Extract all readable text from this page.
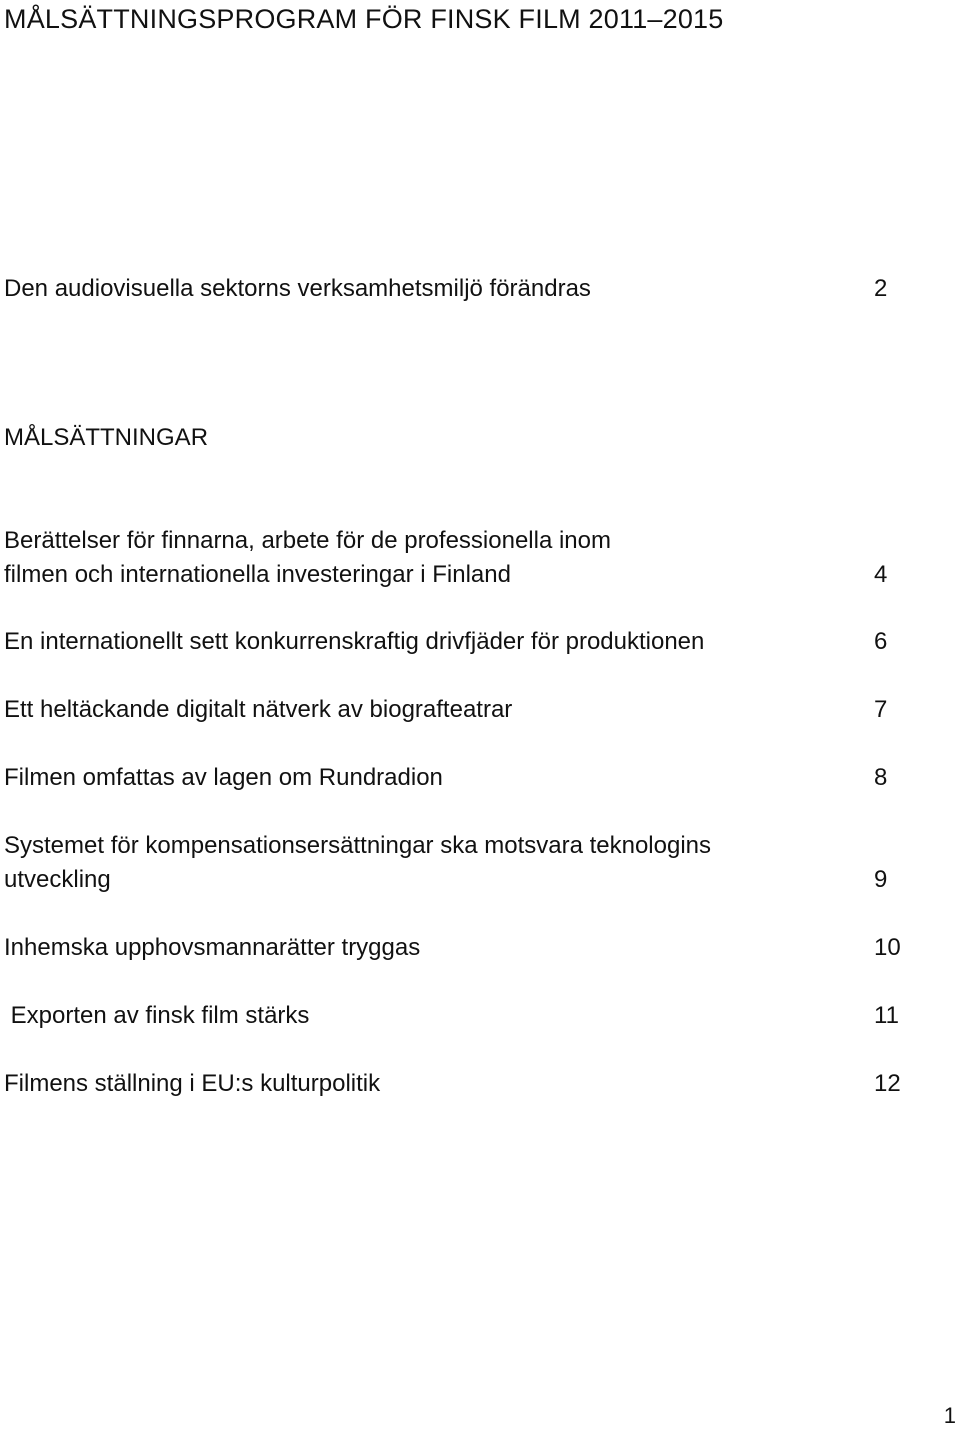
MÅLSÄTTNINGSPROGRAM FÖR FINSK FILM 2011–2015
Den audiovisuella sektorns verksamhetsmiljö förändras	2
MÅLSÄTTNINGAR
Berättelser för finnarna, arbete för de professionella inom
filmen och internationella investeringar i Finland	4
En internationellt sett konkurrenskraftig drivfjäder för produktionen	6
Ett heltäckande digitalt nätverk av biografteatrar	7
Filmen omfattas av lagen om Rundradion	8
Systemet för kompensationsersättningar ska motsvara teknologins
utveckling	9
Inhemska upphovsmannarätter tryggas	10
Exporten av finsk film stärks	11
Filmens ställning i EU:s kulturpolitik	12
1
